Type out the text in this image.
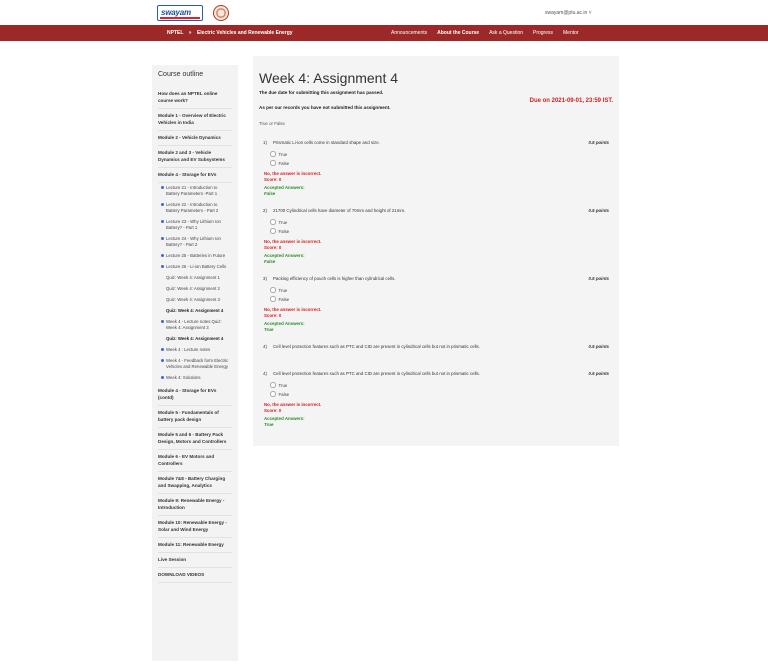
swayam	swayam@ptu.ac.in ˅
NPTEL » Electric Vehicles and Renewable Energy	Announcements About the Course Ask a Question Progress Mentor
Course outline
How does an NPTEL online course work?
Module 1 - Overview of Electric Vehicles in India
Module 2 - Vehicle Dynamics
Module 2 and 3 - Vehicle Dynamics and EV Subsystems
Module 4 - Storage for EVs
Lecture 21 - Introduction to Battery Parameters -Part 1
Lecture 22 - Introduction to Battery Parameters - Part 2
Lecture 23 - Why Lithium Ion Battery? - Part 1
Lecture 24 - Why Lithium Ion Battery? - Part 2
Lecture 25 - Batteries in Future
Lecture 26 - Li-ion Battery Cells
Quiz: Week 4: Assignment 1
Quiz: Week 4: Assignment 2
Quiz: Week 4: Assignment 3
Quiz: Week 4: Assignment 4
Week 4 - Lecture notes Quiz: Week 4: Assignment 3
Quiz: Week 4: Assignment 4
Week 4 : Lecture notes
Week 4 - Feedback form Electric Vehicles and Renewable Energy
Week 4: Solutions
Module 4 - Storage for EVs (contd)
Module 5 - Fundamentals of battery pack design
Module 5 and 6 - Battery Pack Design, Motors and Controllers
Module 6 - EV Motors and Controllers
Module 7&8 - Battery Charging and Swapping, Analytics
Module 9: Renewable Energy - Introduction
Module 10: Renewable Energy - Solar and Wind Energy
Module 11: Renewable Energy
Live Session
DOWNLOAD VIDEOS
Week 4: Assignment 4
The due date for submitting this assignment has passed.
Due on 2021-09-01, 23:59 IST.
As per our records you have not submitted this assignment.
True or False
1) Prismatic Li-ion cells come in standard shape and size.	0.5 points
True
False
No, the answer is incorrect.
Score: 0
Accepted Answers:
False
2) 21700 Cylindrical cells have diameter of 70mm and height of 21mm.	0.5 points
True
False
No, the answer is incorrect.
Score: 0
Accepted Answers:
False
3) Packing efficiency of pouch cells is higher than cylindrical cells.	0.5 points
True
False
No, the answer is incorrect.
Score: 0
Accepted Answers:
True
4) Cell level protection features such as PTC and CID are present in cylindrical cells but not in prismatic cells.	0.5 points
4) Cell level protection features such as PTC and CID are present in cylindrical cells but not in prismatic cells.	0.5 points
True
False
No, the answer is incorrect.
Score: 0
Accepted Answers:
True
